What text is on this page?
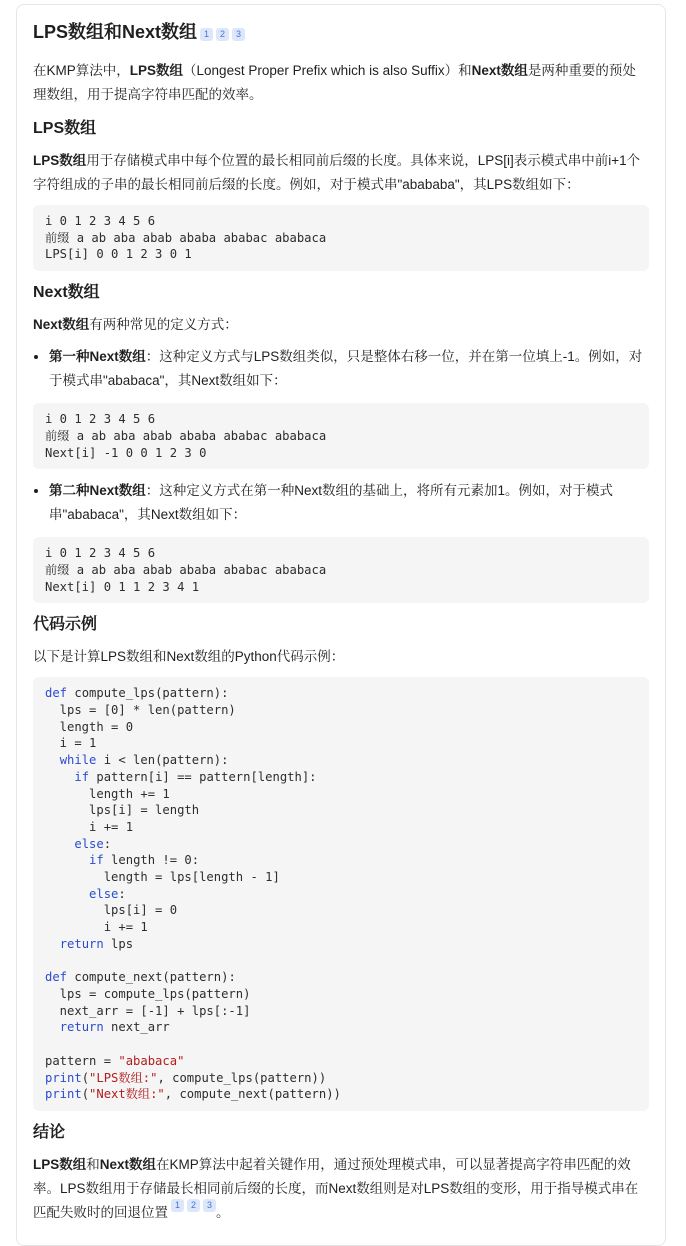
LPS数组和Next数组 1	2	3

在KMP算法中，LPS数组（Longest Proper Prefix which is also Suffix）和Next数组是两种重要的预处理数组，用于提高字符串匹配的效率。

LPS数组

LPS数组用于存储模式串中每个位置的最长相同前后缀的长度。具体来说，LPS[i]表示模式串中前i+1个字符组成的子串的最长相同前后缀的长度。例如，对于模式串"abababa"，其LPS数组如下：

i 0 1 2 3 4 5 6
前缀 a ab aba abab ababa ababac ababaca
LPS[i] 0 0 1 2 3 0 1
Next数组

Next数组有两种常见的定义方式：

• 第一种Next数组：这种定义方式与LPS数组类似，只是整体右移一位，并在第一位填上-1。例如，对于模式串"ababaca"，其Next数组如下：
i 0 1 2 3 4 5 6
前缀 a ab aba abab ababa ababac ababaca
Next[i] -1 0 0 1 2 3 0
• 第二种Next数组：这种定义方式在第一种Next数组的基础上，将所有元素加1。例如，对于模式串"ababaca"，其Next数组如下：
i 0 1 2 3 4 5 6
前缀 a ab aba abab ababa ababac ababaca
Next[i] 0 1 1 2 3 4 1
代码示例

以下是计算LPS数组和Next数组的Python代码示例：

def compute_lps(pattern):
lps = [0] * len(pattern)
length = 0
i = 1
while i < len(pattern):
if pattern[i] == pattern[length]:
length += 1
lps[i] = length
i += 1
else:
if length != 0:
length = lps[length - 1]
else:
lps[i] = 0
i += 1
return lps

def compute_next(pattern):
lps = compute_lps(pattern)
next_arr = [-1] + lps[:-1]
return next_arr

pattern = "ababaca"
print("LPS数组:", compute_lps(pattern))
print("Next数组:", compute_next(pattern))
结论

LPS数组和Next数组在KMP算法中起着关键作用，通过预处理模式串，可以显著提高字符串匹配的效率。LPS数组用于存储最长相同前后缀的长度，而Next数组则是对LPS数组的变形，用于指导模式串在匹配失败时的回退位置 1 2 3 。
